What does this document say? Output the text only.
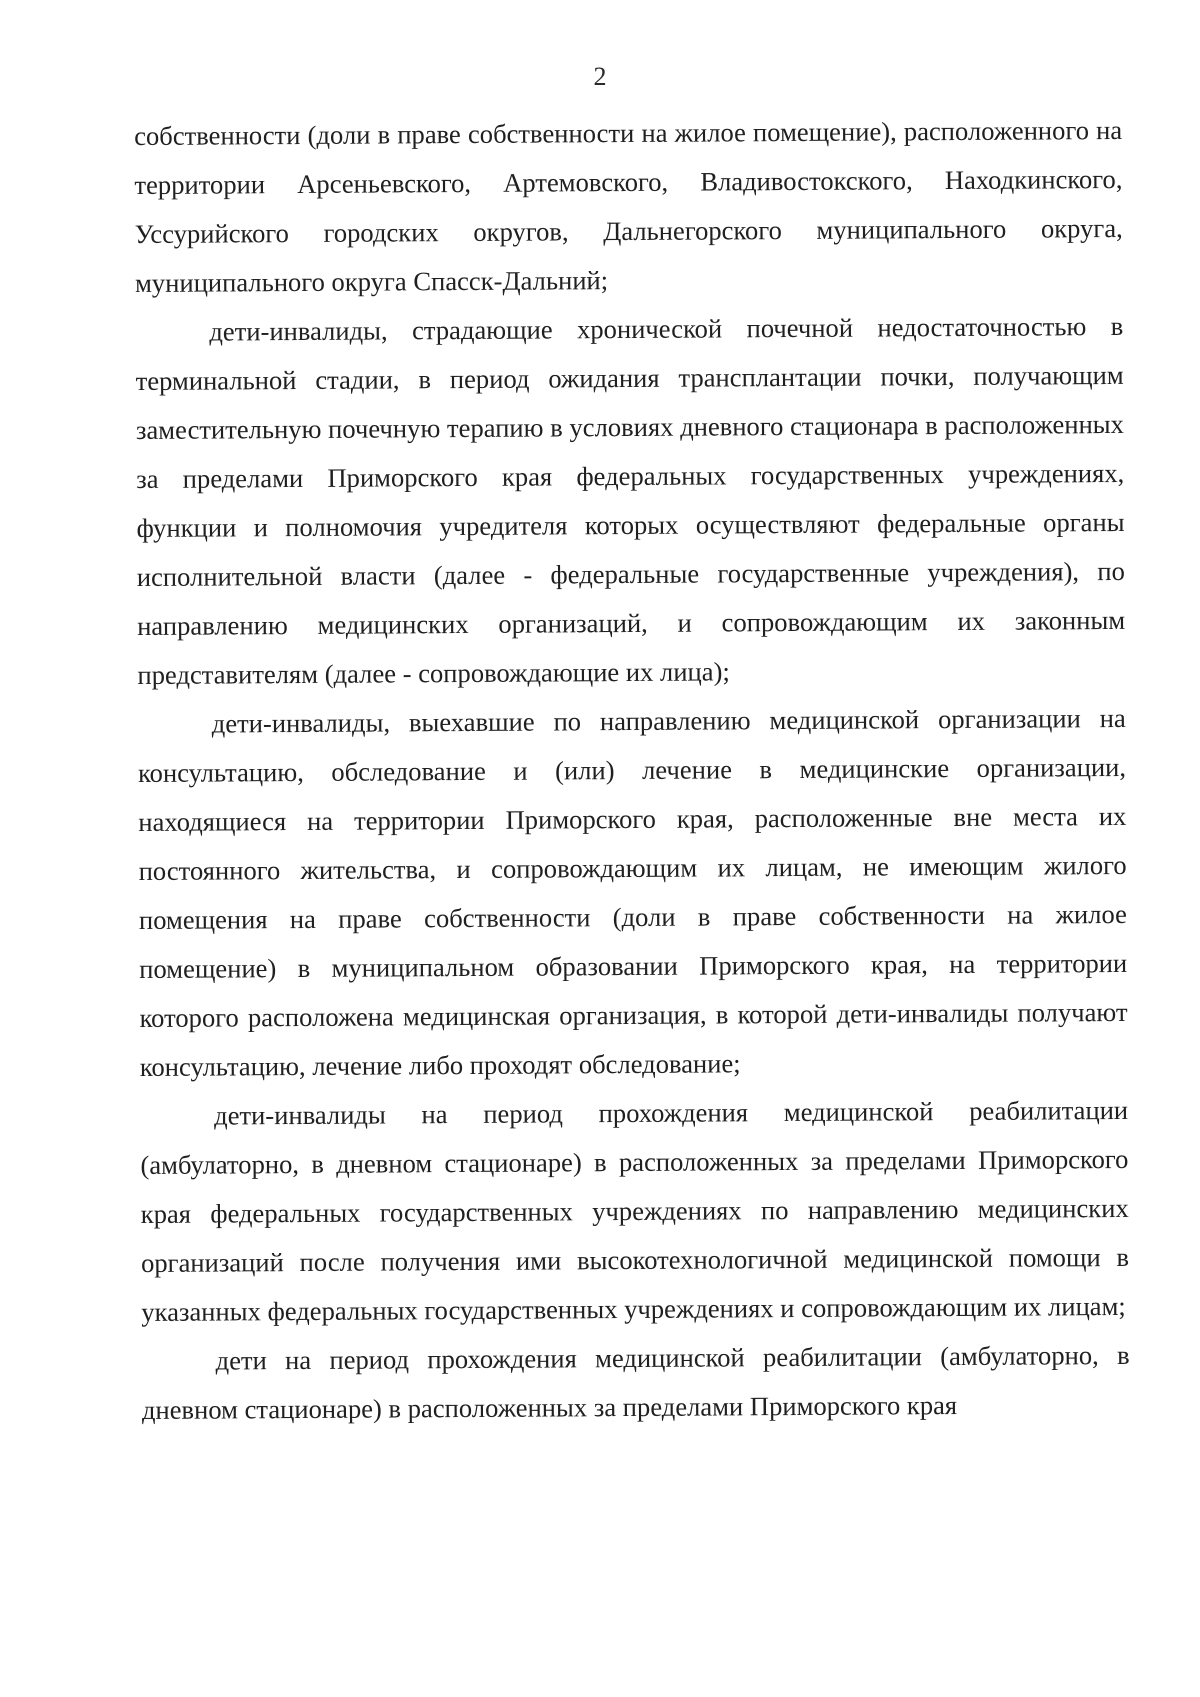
2

собственности (доли в праве собственности на жилое помещение), расположенного на территории Арсеньевского, Артемовского, Владивостокского, Находкинского, Уссурийского городских округов, Дальнегорского муниципального округа, муниципального округа Спасск-Дальний;

дети-инвалиды, страдающие хронической почечной недостаточностью в терминальной стадии, в период ожидания трансплантации почки, получающим заместительную почечную терапию в условиях дневного стационара в расположенных за пределами Приморского края федеральных государственных учреждениях, функции и полномочия учредителя которых осуществляют федеральные органы исполнительной власти (далее - федеральные государственные учреждения), по направлению медицинских организаций, и сопровождающим их законным представителям (далее - сопровождающие их лица);

дети-инвалиды, выехавшие по направлению медицинской организации на консультацию, обследование и (или) лечение в медицинские организации, находящиеся на территории Приморского края, расположенные вне места их постоянного жительства, и сопровождающим их лицам, не имеющим жилого помещения на праве собственности (доли в праве собственности на жилое помещение) в муниципальном образовании Приморского края, на территории которого расположена медицинская организация, в которой дети-инвалиды получают консультацию, лечение либо проходят обследование;

дети-инвалиды на период прохождения медицинской реабилитации (амбулаторно, в дневном стационаре) в расположенных за пределами Приморского края федеральных государственных учреждениях по направлению медицинских организаций после получения ими высокотехнологичной медицинской помощи в указанных федеральных государственных учреждениях и сопровождающим их лицам;

дети на период прохождения медицинской реабилитации (амбулаторно, в дневном стационаре) в расположенных за пределами Приморского края
